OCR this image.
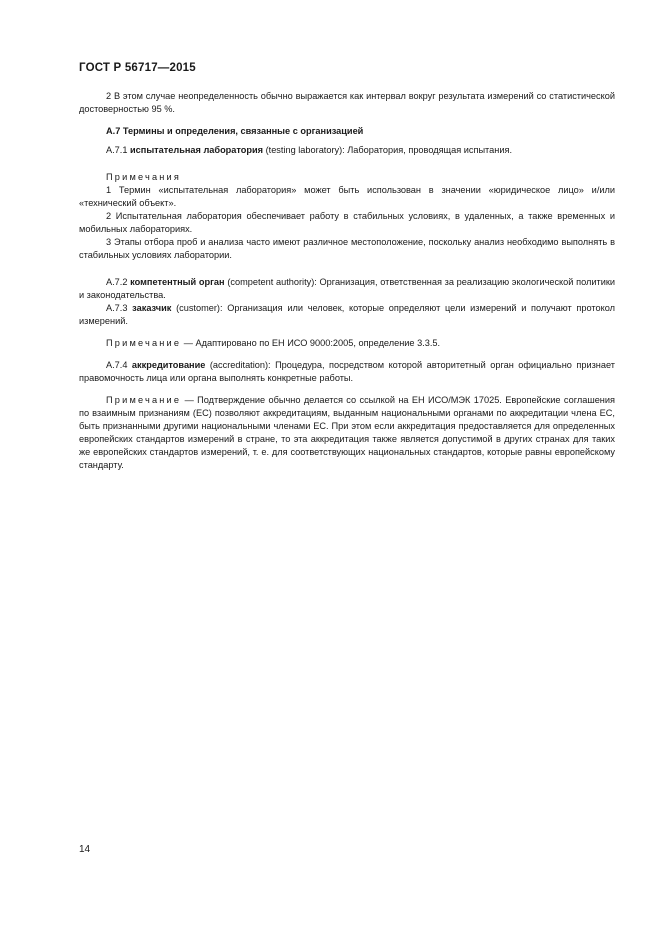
ГОСТ Р 56717—2015

2 В этом случае неопределенность обычно выражается как интервал вокруг результата измерений со статистической достоверностью 95 %.

А.7 Термины и определения, связанные с организацией

А.7.1 испытательная лаборатория (testing laboratory): Лаборатория, проводящая испытания.

Примечания

1 Термин «испытательная лаборатория» может быть использован в значении «юридическое лицо» и/или «технический объект».

2 Испытательная лаборатория обеспечивает работу в стабильных условиях, в удаленных, а также временных и мобильных лабораториях.

3 Этапы отбора проб и анализа часто имеют различное местоположение, поскольку анализ необходимо выполнять в стабильных условиях лаборатории.

А.7.2 компетентный орган (competent authority): Организация, ответственная за реализацию экологической политики и законодательства.

А.7.3 заказчик (customer): Организация или человек, которые определяют цели измерений и получают протокол измерений.

Примечание — Адаптировано по ЕН ИСО 9000:2005, определение 3.3.5.

А.7.4 аккредитование (accreditation): Процедура, посредством которой авторитетный орган официально признает правомочность лица или органа выполнять конкретные работы.

Примечание — Подтверждение обычно делается со ссылкой на ЕН ИСО/МЭК 17025. Европейские соглашения по взаимным признаниям (ЕС) позволяют аккредитациям, выданным национальными органами по аккредитации члена ЕС, быть признанными другими национальными членами ЕС. При этом если аккредитация предоставляется для определенных европейских стандартов измерений в стране, то эта аккредитация также является допустимой в других странах для таких же европейских стандартов измерений, т. е. для соответствующих национальных стандартов, которые равны европейскому стандарту.

14
